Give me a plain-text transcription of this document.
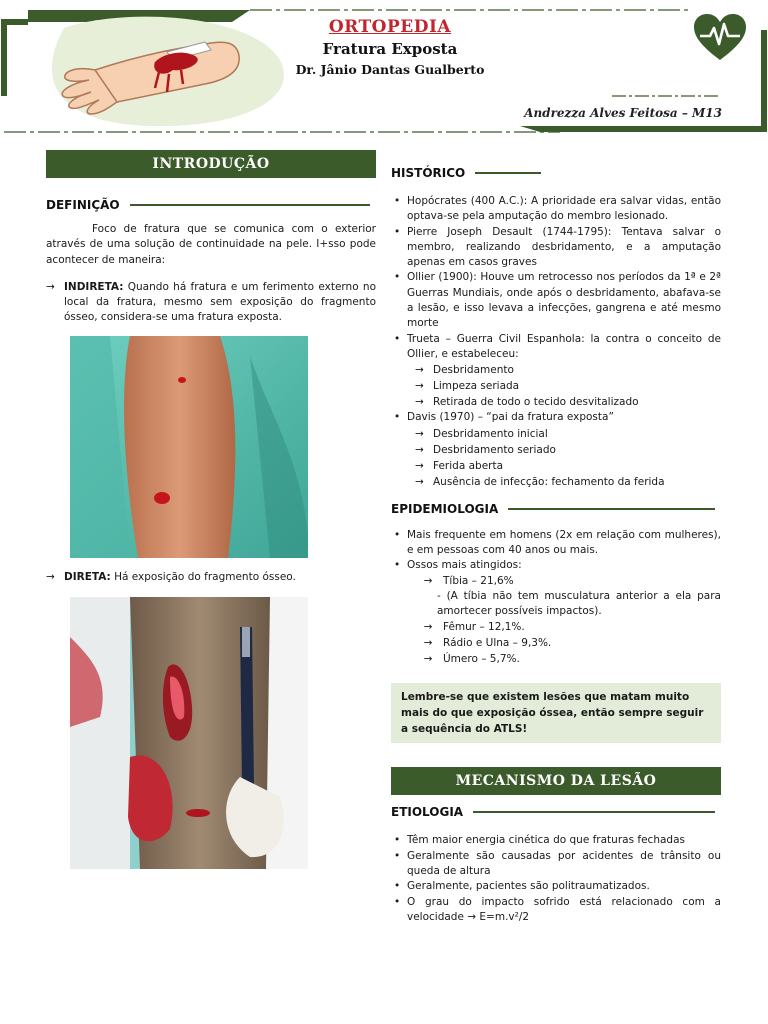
ORTOPEDIA
Fratura Exposta
Dr. Jânio Dantas Gualberto
Andrezza Alves Feitosa – M13
INTRODUÇÃO
DEFINIÇÃO

Foco de fratura que se comunica com o exterior através de uma solução de continuidade na pele. I+sso pode acontecer de maneira:

→ INDIRETA: Quando há fratura e um ferimento externo no local da fratura, mesmo sem exposição do fragmento ósseo, considera-se uma fratura exposta.
→ DIRETA: Há exposição do fragmento ósseo.
HISTÓRICO
• Hopócrates (400 A.C.): A prioridade era salvar vidas, então optava-se pela amputação do membro lesionado.
• Pierre Joseph Desault (1744-1795): Tentava salvar o membro, realizando desbridamento, e a amputação apenas em casos graves
• Ollier (1900): Houve um retrocesso nos períodos da 1ª e 2ª Guerras Mundiais, onde após o desbridamento, abafava-se a lesão, e isso levava a infecções, gangrena e até mesmo morte
• Trueta – Guerra Civil Espanhola: la contra o conceito de Ollier, e estabeleceu:
→ Desbridamento
→ Limpeza seriada
→ Retirada de todo o tecido desvitalizado
• Davis (1970) – “pai da fratura exposta”
→ Desbridamento inicial
→ Desbridamento seriado
→ Ferida aberta
→ Ausência de infecção: fechamento da ferida
EPIDEMIOLOGIA
• Mais frequente em homens (2x em relação com mulheres), e em pessoas com 40 anos ou mais.
• Ossos mais atingidos:
→	Tíbia – 21,6%
- (A tíbia não tem musculatura anterior a ela para amortecer possíveis impactos).
→	Fêmur – 12,1%.
→	Rádio e Ulna – 9,3%.
→	Úmero – 5,7%.
Lembre-se que existem lesões que matam muito mais do que exposição óssea, então sempre seguir a sequência do ATLS!
MECANISMO DA LESÃO
ETIOLOGIA
• Têm maior energia cinética do que fraturas fechadas
• Geralmente são causadas por acidentes de trânsito ou queda de altura
• Geralmente, pacientes são politraumatizados.
• O grau do impacto sofrido está relacionado com a velocidade → E=m.v²/2
